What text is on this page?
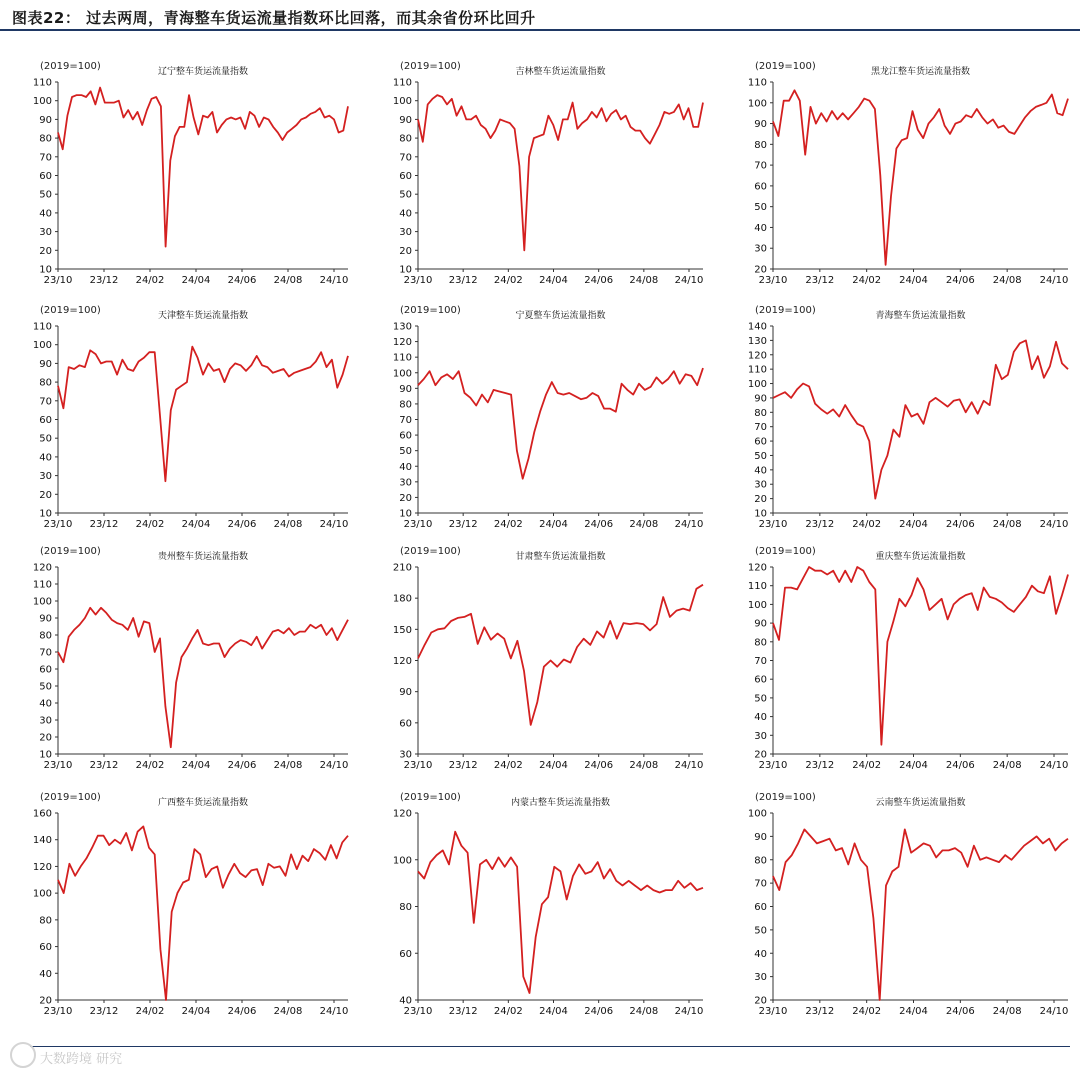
图表22： 过去两周，青海整车货运流量指数环比回落，而其余省份环比回升
(2019=100)	辽宁整车货运流量指数
10
20
30
40
50
60
70
80
90
100
110
23/10 23/12 24/02 24/04 24/06 24/08 24/10
(2019=100)	吉林整车货运流量指数
10
20
30
40
50
60
70
80
90
100
110
23/10 23/12 24/02 24/04 24/06 24/08 24/10
(2019=100)	黑龙江整车货运流量指数
20
30
40
50
60
70
80
90
100
110
23/10 23/12 24/02 24/04 24/06 24/08 24/10
(2019=100)	天津整车货运流量指数
10
20
30
40
50
60
70
80
90
100
110
23/10 23/12 24/02 24/04 24/06 24/08 24/10
(2019=100)	宁夏整车货运流量指数
10
20
30
40
50
60
70
80
90
100
110
120
130
23/10 23/12 24/02 24/04 24/06 24/08 24/10
(2019=100)	青海整车货运流量指数
10
20
30
40
50
60
70
80
90
100
110
120
130
140
23/10 23/12 24/02 24/04 24/06 24/08 24/10
(2019=100)	贵州整车货运流量指数
10
20
30
40
50
60
70
80
90
100
110
120
23/10 23/12 24/02 24/04 24/06 24/08 24/10
(2019=100)	甘肃整车货运流量指数
30
60
90
120
150
180
210
23/10 23/12 24/02 24/04 24/06 24/08 24/10
(2019=100)	重庆整车货运流量指数
20
30
40
50
60
70
80
90
100
110
120
23/10 23/12 24/02 24/04 24/06 24/08 24/10
(2019=100)	广西整车货运流量指数
20
40
60
80
100
120
140
160
23/10 23/12 24/02 24/04 24/06 24/08 24/10
(2019=100)	内蒙古整车货运流量指数
40
60
80
100
120
23/10 23/12 24/02 24/04 24/06 24/08 24/10
(2019=100)	云南整车货运流量指数
20
30
40
50
60
70
80
90
100
23/10 23/12 24/02 24/04 24/06 24/08 24/10
大数跨境 研究
